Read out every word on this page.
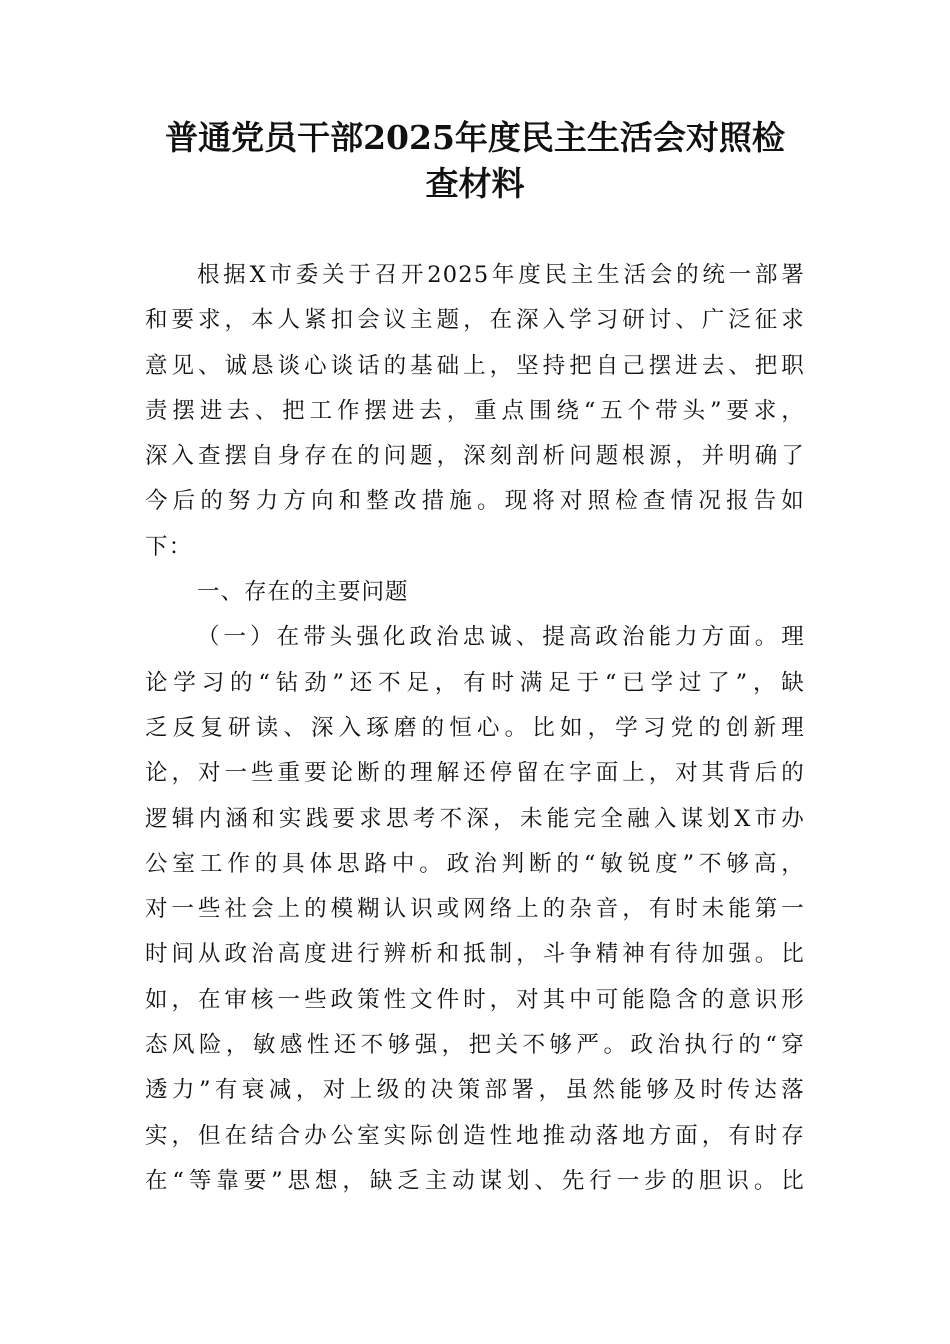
普通党员干部2025年度民主生活会对照检
查材料
根据X市委关于召开2025年度民主生活会的统一部署
和要求，本人紧扣会议主题，在深入学习研讨、广泛征求
意见、诚恳谈心谈话的基础上，坚持把自己摆进去、把职
责摆进去、把工作摆进去，重点围绕“五个带头”要求，
深入查摆自身存在的问题，深刻剖析问题根源，并明确了
今后的努力方向和整改措施。现将对照检查情况报告如
下：
一、存在的主要问题
（一）在带头强化政治忠诚、提高政治能力方面。理
论学习的“钻劲”还不足，有时满足于“已学过了”，缺
乏反复研读、深入琢磨的恒心。比如，学习党的创新理
论，对一些重要论断的理解还停留在字面上，对其背后的
逻辑内涵和实践要求思考不深，未能完全融入谋划X市办
公室工作的具体思路中。政治判断的“敏锐度”不够高，
对一些社会上的模糊认识或网络上的杂音，有时未能第一
时间从政治高度进行辨析和抵制，斗争精神有待加强。比
如，在审核一些政策性文件时，对其中可能隐含的意识形
态风险，敏感性还不够强，把关不够严。政治执行的“穿
透力”有衰减，对上级的决策部署，虽然能够及时传达落
实，但在结合办公室实际创造性地推动落地方面，有时存
在“等靠要”思想，缺乏主动谋划、先行一步的胆识。比
